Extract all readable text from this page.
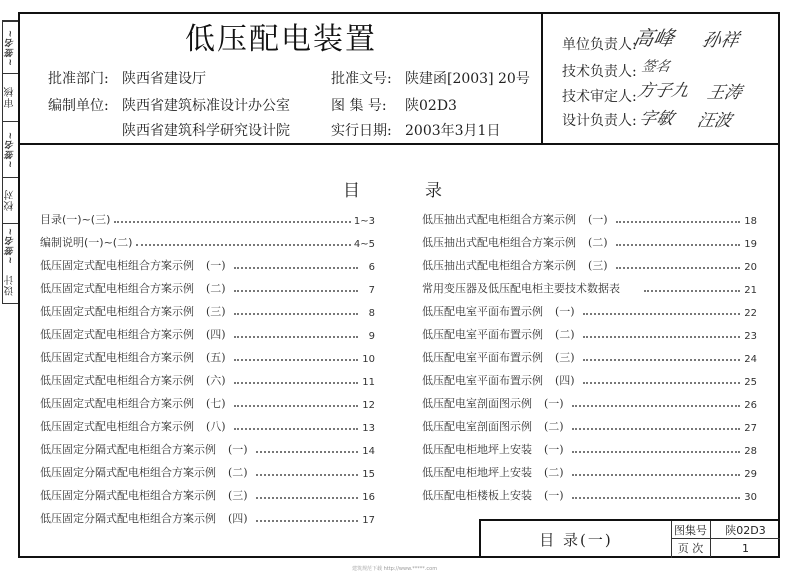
~签名~
审核
~签名~
校对
~签名~
设计
低压配电装置
批准部门: 陕西省建设厅
编制单位: 陕西省建筑标准设计办公室
陕西省建筑科学研究设计院
批准文号: 陕建函[2003] 20号
图 集 号: 陕02D3
实行日期: 2003年3月1日
单位负责人:
高峰 孙祥
技术负责人: 签名
技术审定人:
方子九 王涛
设计负责人: 字敏 汪波
目	录
目录(一)~(三)	1~3
编制说明(一)~(二)	4~5
低压固定式配电柜组合方案示例 (一)	6
低压固定式配电柜组合方案示例 (二)	7
低压固定式配电柜组合方案示例 (三)	8
低压固定式配电柜组合方案示例 (四)	9
低压固定式配电柜组合方案示例 (五)	10
低压固定式配电柜组合方案示例 (六)	11
低压固定式配电柜组合方案示例 (七)	12
低压固定式配电柜组合方案示例 (八)	13
低压固定分隔式配电柜组合方案示例 (一)	14
低压固定分隔式配电柜组合方案示例 (二)	15
低压固定分隔式配电柜组合方案示例 (三)	16
低压固定分隔式配电柜组合方案示例 (四)	17
低压抽出式配电柜组合方案示例 (一)	18
低压抽出式配电柜组合方案示例 (二)	19
低压抽出式配电柜组合方案示例 (三)	20
常用变压器及低压配电柜主要技术数据表	21
低压配电室平面布置示例 (一)	22
低压配电室平面布置示例 (二)	23
低压配电室平面布置示例 (三)	24
低压配电室平面布置示例 (四)	25
低压配电室剖面图示例 (一)	26
低压配电室剖面图示例 (二)	27
低压配电柜地坪上安装 (一)	28
低压配电柜地坪上安装 (二)	29
低压配电柜楼板上安装 (一)	30
目 录(一)
图集号	陕02D3
页 次	1
建筑规范下载 http://www.*****.com
